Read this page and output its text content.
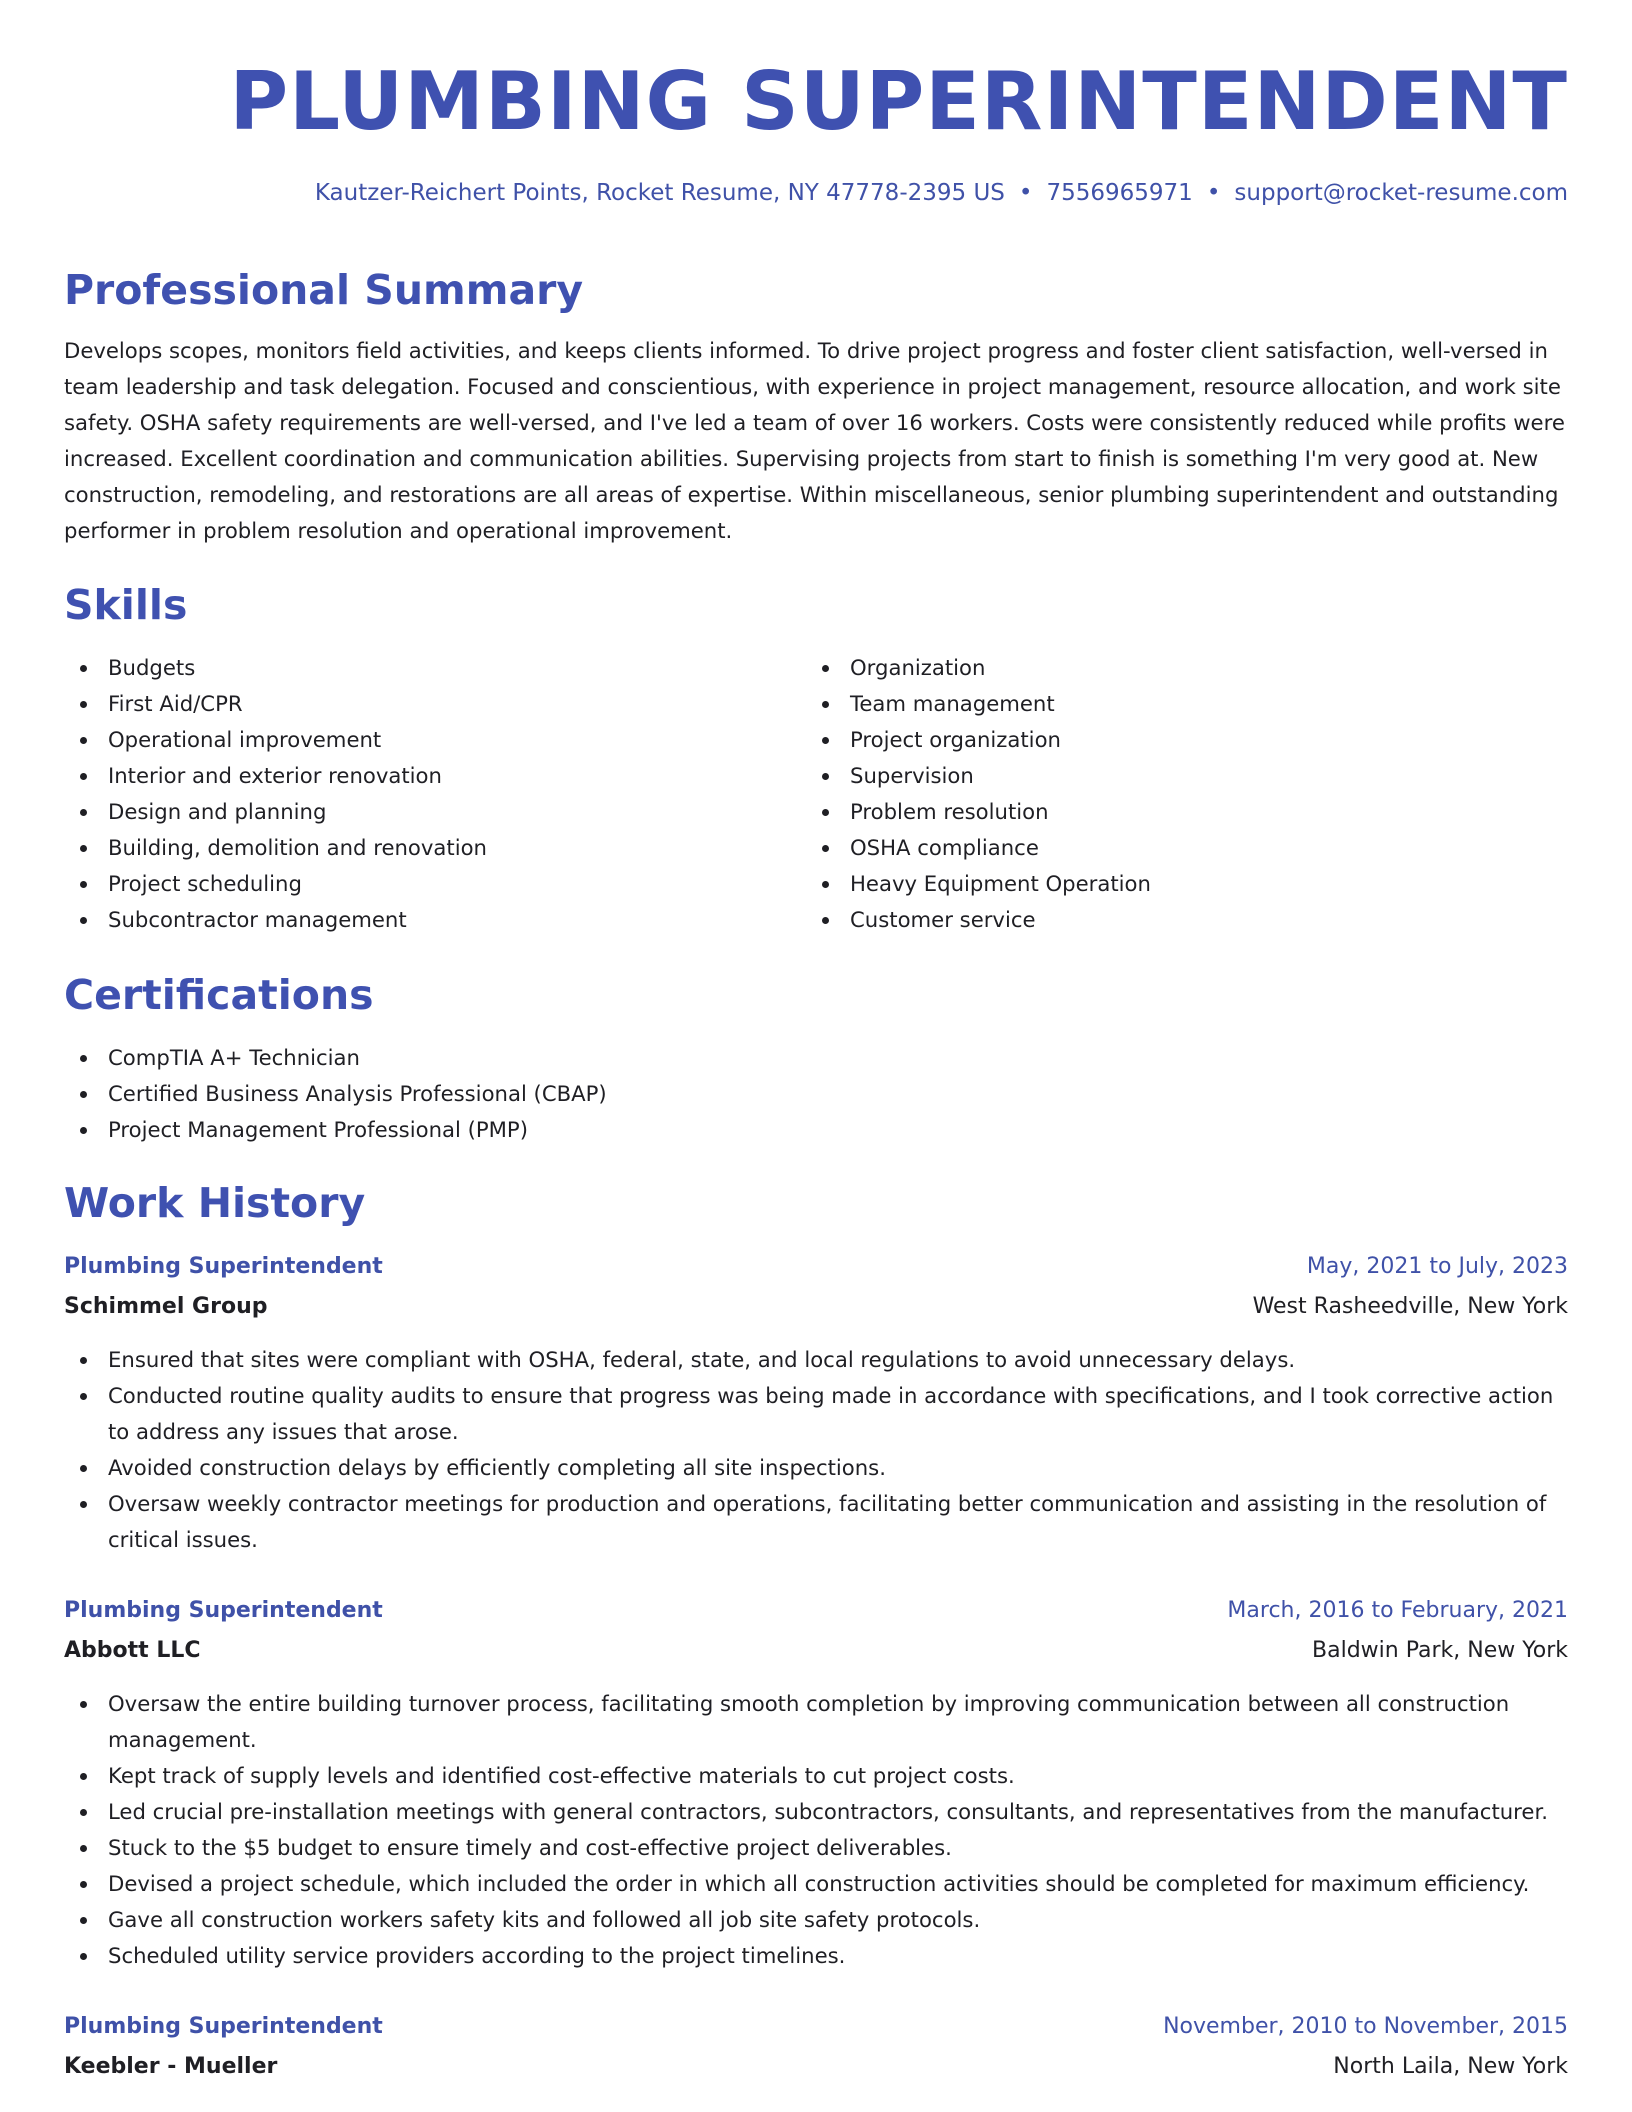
PLUMBING SUPERINTENDENT
Kautzer-Reichert Points, Rocket Resume, NY 47778-2395 US • 7556965971 • support@rocket-resume.com
Professional Summary

Develops scopes, monitors field activities, and keeps clients informed. To drive project progress and foster client satisfaction, well-versed in team leadership and task delegation. Focused and conscientious, with experience in project management, resource allocation, and work site safety. OSHA safety requirements are well-versed, and I've led a team of over 16 workers. Costs were consistently reduced while profits were increased. Excellent coordination and communication abilities. Supervising projects from start to finish is something I'm very good at. New construction, remodeling, and restorations are all areas of expertise. Within miscellaneous, senior plumbing superintendent and outstanding performer in problem resolution and operational improvement.

Skills
Budgets
First Aid/CPR
Operational improvement
Interior and exterior renovation
Design and planning
Building, demolition and renovation
Project scheduling
Subcontractor management
Organization
Team management
Project organization
Supervision
Problem resolution
OSHA compliance
Heavy Equipment Operation
Customer service
Certifications
CompTIA A+ Technician
Certified Business Analysis Professional (CBAP)
Project Management Professional (PMP)
Work History
Plumbing Superintendent	May, 2021 to July, 2023
Schimmel Group	West Rasheedville, New York
Ensured that sites were compliant with OSHA, federal, state, and local regulations to avoid unnecessary delays.
Conducted routine quality audits to ensure that progress was being made in accordance with specifications, and I took corrective action to address any issues that arose.
Avoided construction delays by efficiently completing all site inspections.
Oversaw weekly contractor meetings for production and operations, facilitating better communication and assisting in the resolution of critical issues.
Plumbing Superintendent	March, 2016 to February, 2021
Abbott LLC	Baldwin Park, New York
Oversaw the entire building turnover process, facilitating smooth completion by improving communication between all construction management.
Kept track of supply levels and identified cost-effective materials to cut project costs.
Led crucial pre-installation meetings with general contractors, subcontractors, consultants, and representatives from the manufacturer.
Stuck to the $5 budget to ensure timely and cost-effective project deliverables.
Devised a project schedule, which included the order in which all construction activities should be completed for maximum efficiency.
Gave all construction workers safety kits and followed all job site safety protocols.
Scheduled utility service providers according to the project timelines.
Plumbing Superintendent	November, 2010 to November, 2015
Keebler - Mueller	North Laila, New York
